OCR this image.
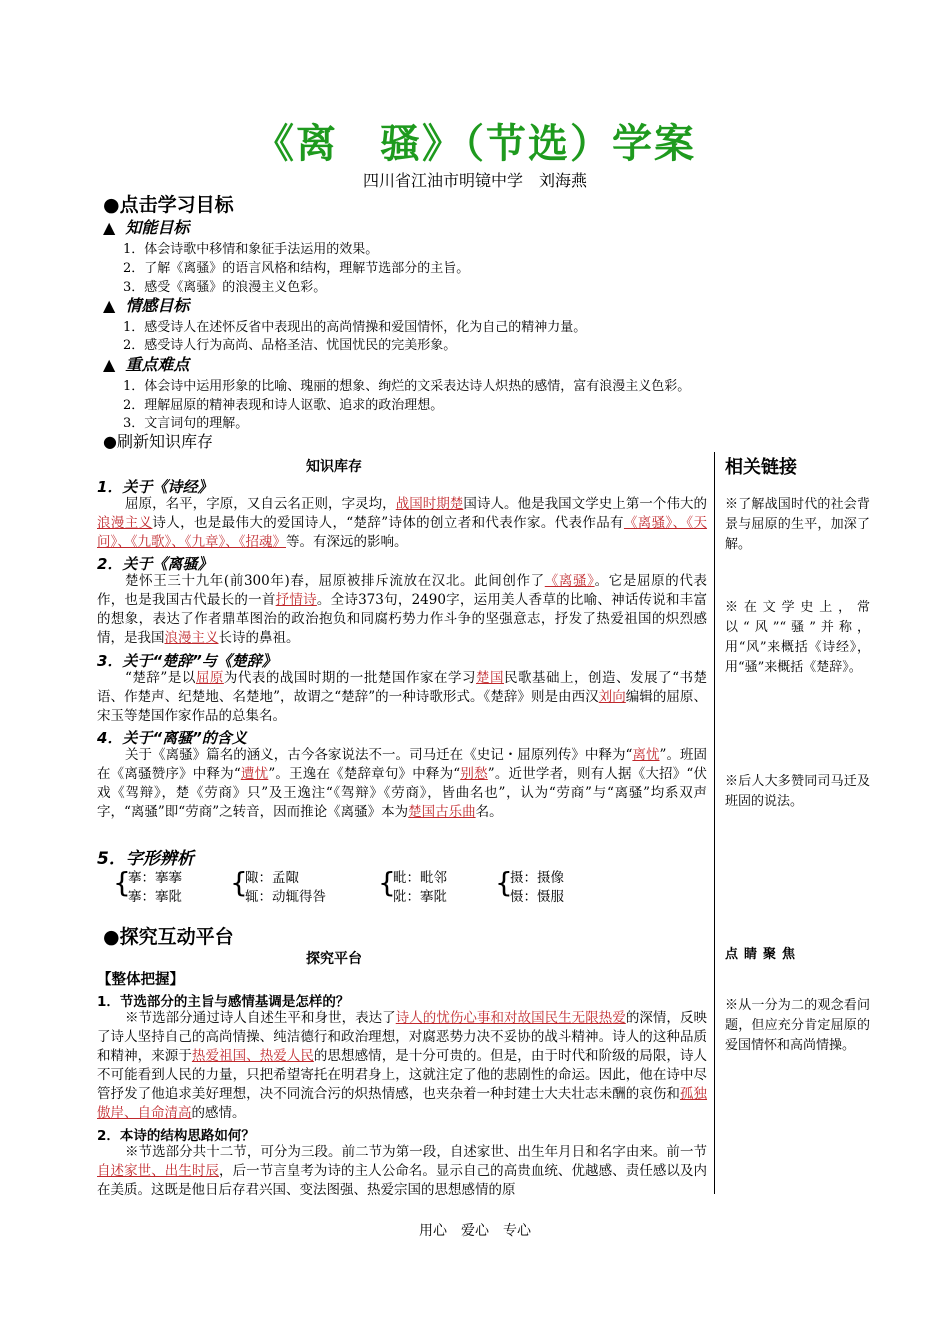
《离　骚》（节选）学案
四川省江油市明镜中学　刘海燕
●点击学习目标
▲ 知能目标
1．体会诗歌中移情和象征手法运用的效果。
2．了解《离骚》的语言风格和结构，理解节选部分的主旨。
3．感受《离骚》的浪漫主义色彩。
▲ 情感目标
1．感受诗人在述怀反省中表现出的高尚情操和爱国情怀，化为自己的精神力量。
2．感受诗人行为高尚、品格圣洁、忧国忧民的完美形象。
▲ 重点难点
1．体会诗中运用形象的比喻、瑰丽的想象、绚烂的文采表达诗人炽热的感情，富有浪漫主义色彩。
2．理解屈原的精神表现和诗人讴歌、追求的政治理想。
3．文言词句的理解。
●刷新知识库存
知识库存	相关链接
1．关于《诗经》

屈原，名平，字原，又自云名正则，字灵均，战国时期楚国诗人。他是我国文学史上第一个伟大的浪漫主义诗人，也是最伟大的爱国诗人，“楚辞”诗体的创立者和代表作家。代表作品有《离骚》、《天问》、《九歌》、《九章》、《招魂》等。有深远的影响。

※了解战国时代的社会背景与屈原的生平，加深了解。
2．关于《离骚》

楚怀王三十九年(前300年)春，屈原被排斥流放在汉北。此间创作了《离骚》。它是屈原的代表作，也是我国古代最长的一首抒情诗。全诗373句，2490字，运用美人香草的比喻、神话传说和丰富的想象，表达了作者鼎革图治的政治抱负和同腐朽势力作斗争的坚强意志，抒发了热爱祖国的炽烈感情，是我国浪漫主义长诗的鼻祖。

※在文学史上，常以“风”“骚”并称，用“风”来概括《诗经》，用“骚”来概括《楚辞》。
3．关于“楚辞”与《楚辞》

“楚辞”是以屈原为代表的战国时期的一批楚国作家在学习楚国民歌基础上，创造、发展了“书楚语、作楚声、纪楚地、名楚地”，故谓之“楚辞”的一种诗歌形式。《楚辞》则是由西汉刘向编辑的屈原、宋玉等楚国作家作品的总集名。

4．关于“离骚”的含义

关于《离骚》篇名的涵义，古今各家说法不一。司马迁在《史记・屈原列传》中释为“离忧”。班固在《离骚赞序》中释为“遭忧”。王逸在《楚辞章句》中释为“别愁”。近世学者，则有人据《大招》“伏戏《驾辩》，楚《劳商》只”及王逸注“《驾辩》《劳商》，皆曲名也”，认为“劳商”与“离骚”均系双声字，“离骚”即“劳商”之转音，因而推论《离骚》本为楚国古乐曲名。

※后人大多赞同司马迁及班固的说法。
5．字形辨析
{
搴：搴搴
搴：搴阰 {
陬：孟陬
辄：动辄得咎 {
毗：毗邻
阰：搴阰 {
摄：摄像
慑：慑服
●探究互动平台
探究平台	点睛聚焦
【整体把握】
1．节选部分的主旨与感情基调是怎样的？

※节选部分通过诗人自述生平和身世，表达了诗人的忧伤心事和对故国民生无限热爱的深情，反映了诗人坚持自己的高尚情操、纯洁德行和政治理想，对腐恶势力决不妥协的战斗精神。诗人的这种品质和精神，来源于热爱祖国、热爱人民的思想感情，是十分可贵的。但是，由于时代和阶级的局限，诗人不可能看到人民的力量，只把希望寄托在明君身上，这就注定了他的悲剧性的命运。因此，他在诗中尽管抒发了他追求美好理想，决不同流合污的炽热情感，也夹杂着一种封建士大夫壮志未酬的哀伤和孤独傲岸、自命清高的感情。

※从一分为二的观念看问题，但应充分肯定屈原的爱国情怀和高尚情操。
2．本诗的结构思路如何？

※节选部分共十二节，可分为三段。前二节为第一段，自述家世、出生年月日和名字由来。前一节自述家世、出生时辰，后一节言皇考为诗的主人公命名。显示自己的高贵血统、优越感、责任感以及内在美质。这既是他日后存君兴国、变法图强、热爱宗国的思想感情的原

用心　爱心　专心
